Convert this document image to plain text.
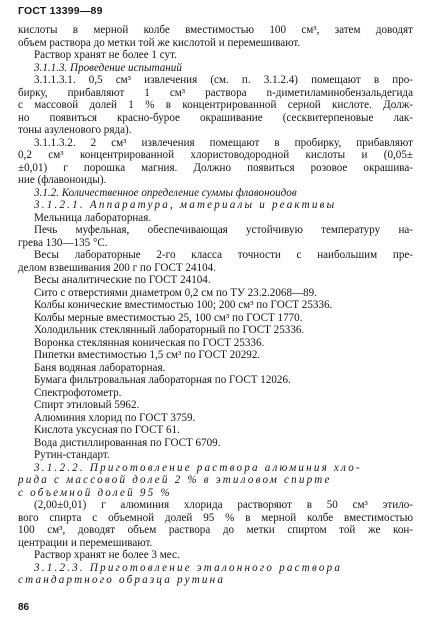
ГОСТ 13399—89
кислоты в мерной колбе вместимостью 100 см³, затем доводят
объем раствора до метки той же кислотой и перемешивают.
Раствор хранят не более 1 сут.
3.1.1.3. Проведение испытаний
3.1.1.3.1. 0,5 см³ извлечения (см. п. 3.1.2.4) помещают в про-
бирку, прибавляют 1 см³ раствора n-диметиламинобензальдегида
с массовой долей 1 % в концентрированной серной кислоте. Долж-
но появиться красно-бурое окрашивание (сесквитерпеновые лак-
тоны азуленового ряда).
3.1.1.3.2. 2 см³ извлечения помещают в пробирку, прибавляют
0,2 см³ концентрированной хлористоводородной кислоты и (0,05±
±0,01) г порошка магния. Должно появиться розовое окрашива-
ние (флавоноиды).
3.1.2. Количественное определение суммы флавоноидов
3.1.2.1. Аппаратура, материалы и реактивы
Мельница лабораторная.
Печь муфельная, обеспечивающая устойчивую температуру на-
грева 130—135 °С.
Весы лабораторные 2-го класса точности с наибольшим пре-
делом взвешивания 200 г по ГОСТ 24104.
Весы аналитические по ГОСТ 24104.
Сито с отверстиями диаметром 0,2 см по ТУ 23.2.2068—89.
Колбы конические вместимостью 100; 200 см³ по ГОСТ 25336.
Колбы мерные вместимостью 25, 100 см³ по ГОСТ 1770.
Холодильник стеклянный лабораторный по ГОСТ 25336.
Воронка стеклянная коническая по ГОСТ 25336.
Пипетки вместимостью 1,5 см³ по ГОСТ 20292.
Баня водяная лабораторная.
Бумага фильтровальная лабораторная по ГОСТ 12026.
Спектрофотометр.
Спирт этиловый 5962.
Алюминия хлорид по ГОСТ 3759.
Кислота уксусная по ГОСТ 61.
Вода дистиллированная по ГОСТ 6709.
Рутин-стандарт.
3.1.2.2. Приготовление раствора алюминия хло-
рида с массовой долей 2 % в этиловом спирте
с объемной долей 95 %
(2,00±0,01) г алюминия хлорида растворяют в 50 см³ этило-
вого спирта с объемной долей 95 % в мерной колбе вместимостью
100 см³, доводят объем раствора до метки спиртом той же кон-
центрации и перемешивают.
Раствор хранят не более 3 мес.
3.1.2.3. Приготовление эталонного раствора
стандартного образца рутина
86
